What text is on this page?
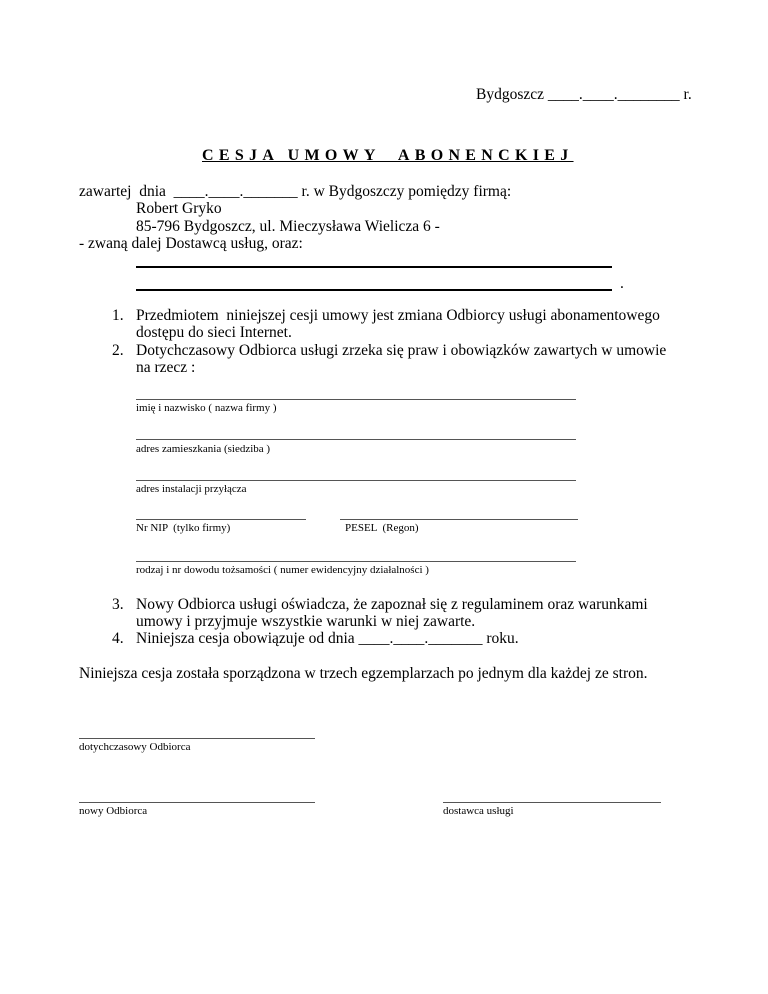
Bydgoszcz ____.____.________ r.
CESJA UMOWY  ABONENCKIEJ
zawartej  dnia  ____.____._______ r. w Bydgoszczy pomiędzy firmą:
Robert Gryko
85-796 Bydgoszcz, ul. Mieczysława Wielicza 6 -
- zwaną dalej Dostawcą usług, oraz:
.
1. Przedmiotem  niniejszej cesji umowy jest zmiana Odbiorcy usługi abonamentowego
dostępu do sieci Internet.
2. Dotychczasowy Odbiorca usługi zrzeka się praw i obowiązków zawartych w umowie
na rzecz :
imię i nazwisko ( nazwa firmy )
adres zamieszkania (siedziba )
adres instalacji przyłącza
Nr NIP  (tylko firmy)	PESEL  (Regon)
rodzaj i nr dowodu tożsamości ( numer ewidencyjny działalności )
3. Nowy Odbiorca usługi oświadcza, że zapoznał się z regulaminem oraz warunkami
umowy i przyjmuje wszystkie warunki w niej zawarte.
4. Niniejsza cesja obowiązuje od dnia ____.____._______ roku.
Niniejsza cesja została sporządzona w trzech egzemplarzach po jednym dla każdej ze stron.
dotychczasowy Odbiorca
nowy Odbiorca	dostawca usługi
